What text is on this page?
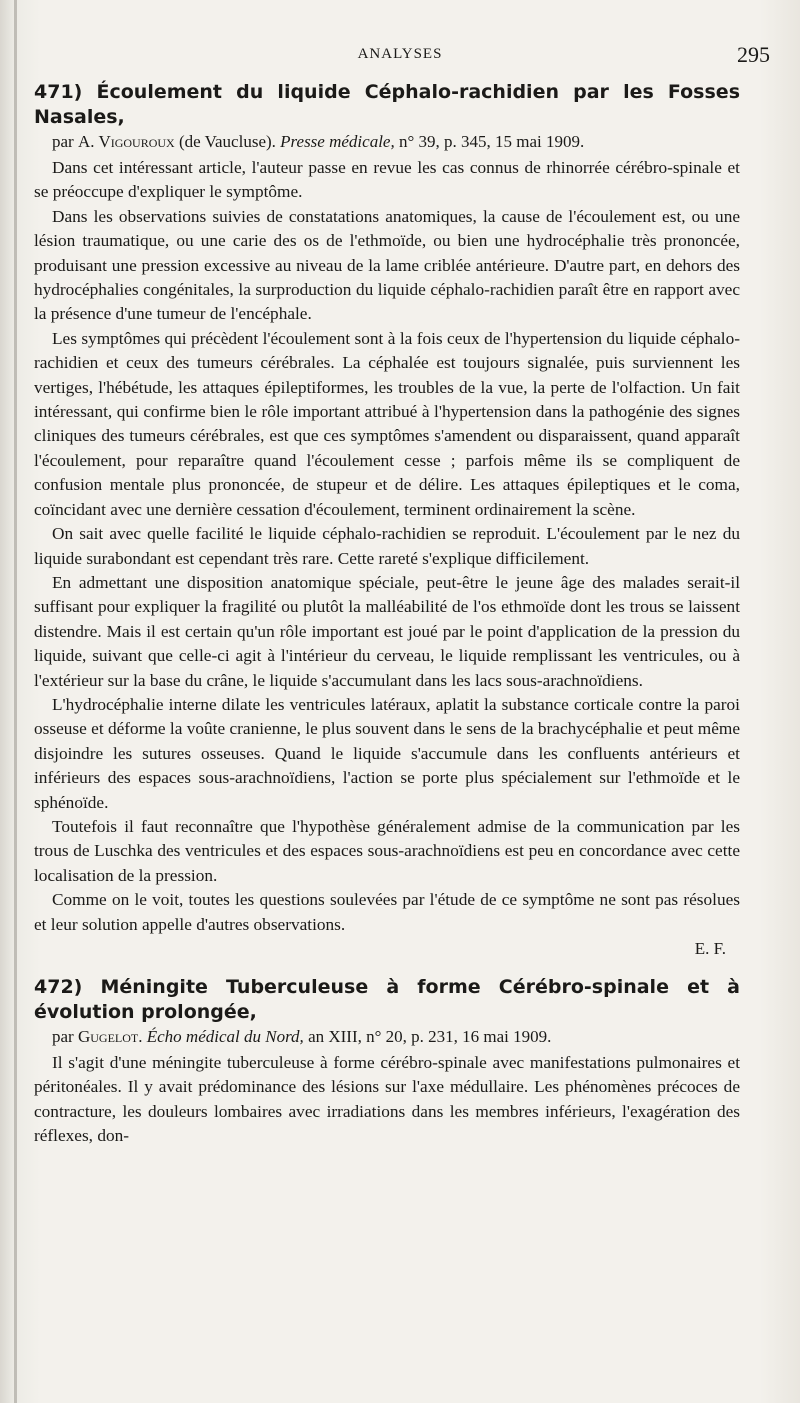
ANALYSES	295
471) Écoulement du liquide Céphalo-rachidien par les Fosses Nasales,

par A. Vigouroux (de Vaucluse). Presse médicale, n° 39, p. 345, 15 mai 1909.

Dans cet intéressant article, l'auteur passe en revue les cas connus de rhinorrée cérébro-spinale et se préoccupe d'expliquer le symptôme.

Dans les observations suivies de constatations anatomiques, la cause de l'écoulement est, ou une lésion traumatique, ou une carie des os de l'ethmoïde, ou bien une hydrocéphalie très prononcée, produisant une pression excessive au niveau de la lame criblée antérieure. D'autre part, en dehors des hydrocéphalies congénitales, la surproduction du liquide céphalo-rachidien paraît être en rapport avec la présence d'une tumeur de l'encéphale.

Les symptômes qui précèdent l'écoulement sont à la fois ceux de l'hypertension du liquide céphalo-rachidien et ceux des tumeurs cérébrales. La céphalée est toujours signalée, puis surviennent les vertiges, l'hébétude, les attaques épileptiformes, les troubles de la vue, la perte de l'olfaction. Un fait intéressant, qui confirme bien le rôle important attribué à l'hypertension dans la pathogénie des signes cliniques des tumeurs cérébrales, est que ces symptômes s'amendent ou disparaissent, quand apparaît l'écoulement, pour reparaître quand l'écoulement cesse ; parfois même ils se compliquent de confusion mentale plus prononcée, de stupeur et de délire. Les attaques épileptiques et le coma, coïncidant avec une dernière cessation d'écoulement, terminent ordinairement la scène.

On sait avec quelle facilité le liquide céphalo-rachidien se reproduit. L'écoulement par le nez du liquide surabondant est cependant très rare. Cette rareté s'explique difficilement.

En admettant une disposition anatomique spéciale, peut-être le jeune âge des malades serait-il suffisant pour expliquer la fragilité ou plutôt la malléabilité de l'os ethmoïde dont les trous se laissent distendre. Mais il est certain qu'un rôle important est joué par le point d'application de la pression du liquide, suivant que celle-ci agit à l'intérieur du cerveau, le liquide remplissant les ventricules, ou à l'extérieur sur la base du crâne, le liquide s'accumulant dans les lacs sous-arachnoïdiens.

L'hydrocéphalie interne dilate les ventricules latéraux, aplatit la substance corticale contre la paroi osseuse et déforme la voûte cranienne, le plus souvent dans le sens de la brachycéphalie et peut même disjoindre les sutures osseuses. Quand le liquide s'accumule dans les confluents antérieurs et inférieurs des espaces sous-arachnoïdiens, l'action se porte plus spécialement sur l'ethmoïde et le sphénoïde.

Toutefois il faut reconnaître que l'hypothèse généralement admise de la communication par les trous de Luschka des ventricules et des espaces sous-arachnoïdiens est peu en concordance avec cette localisation de la pression.

Comme on le voit, toutes les questions soulevées par l'étude de ce symptôme ne sont pas résolues et leur solution appelle d'autres observations.

E. F.

472) Méningite Tuberculeuse à forme Cérébro-spinale et à évolution prolongée,

par Gugelot. Écho médical du Nord, an XIII, n° 20, p. 231, 16 mai 1909.

Il s'agit d'une méningite tuberculeuse à forme cérébro-spinale avec manifestations pulmonaires et péritonéales. Il y avait prédominance des lésions sur l'axe médullaire. Les phénomènes précoces de contracture, les douleurs lombaires avec irradiations dans les membres inférieurs, l'exagération des réflexes, don-
